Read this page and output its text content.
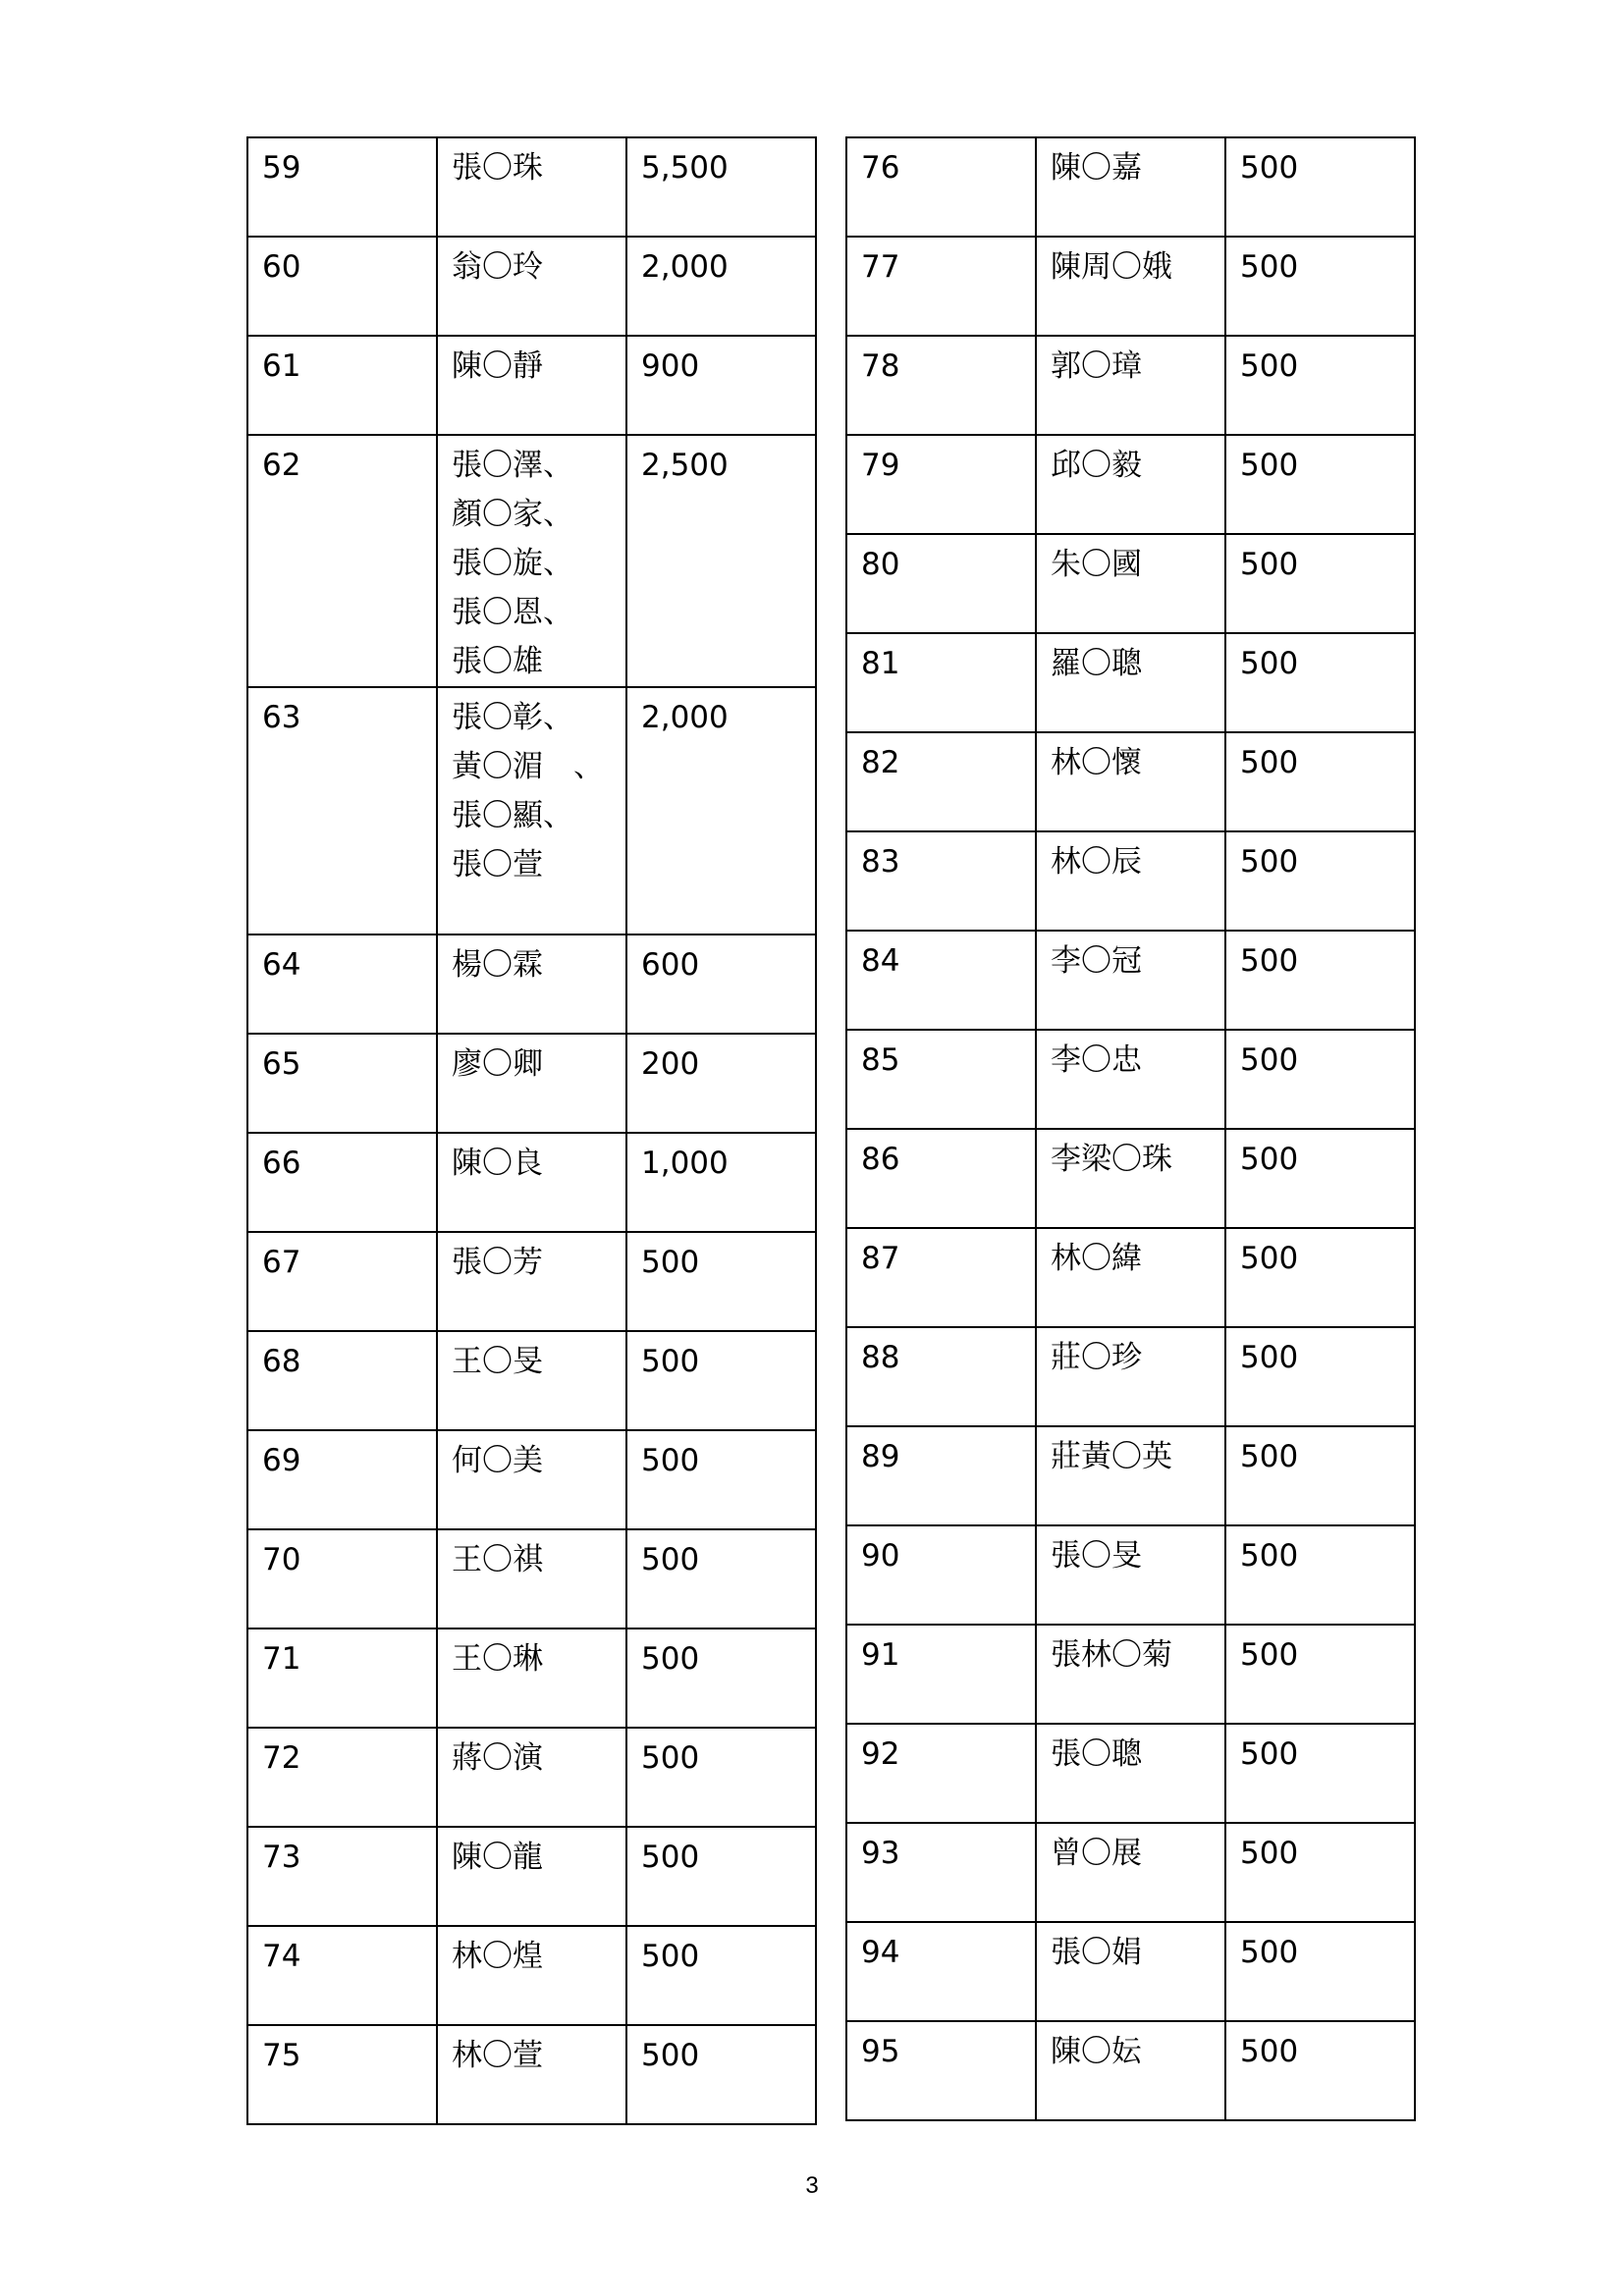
59	張〇珠	5,500

60	翁〇玲	2,000

61	陳〇靜	900

62	張〇澤、
顏〇家、
張〇旋、
張〇恩、
張〇雄	2,500

63	張〇彰、
黃〇湄　、
張〇顯、
張〇萱	2,000

64	楊〇霖	600

65	廖〇卿	200

66	陳〇良	1,000

67	張〇芳	500

68	王〇旻	500

69	何〇美	500

70	王〇祺	500

71	王〇琳	500

72	蔣〇演	500

73	陳〇龍	500

74	林〇煌	500

75	林〇萱	500
76	陳〇嘉	500

77	陳周〇娥	500

78	郭〇璋	500

79	邱〇毅	500

80	朱〇國	500

81	羅〇聰	500

82	林〇懷	500

83	林〇辰	500

84	李〇冠	500

85	李〇忠	500

86	李梁〇珠	500

87	林〇緯	500

88	莊〇珍	500

89	莊黃〇英	500

90	張〇旻	500

91	張林〇菊	500

92	張〇聰	500

93	曾〇展	500

94	張〇娟	500

95	陳〇妘	500
3
